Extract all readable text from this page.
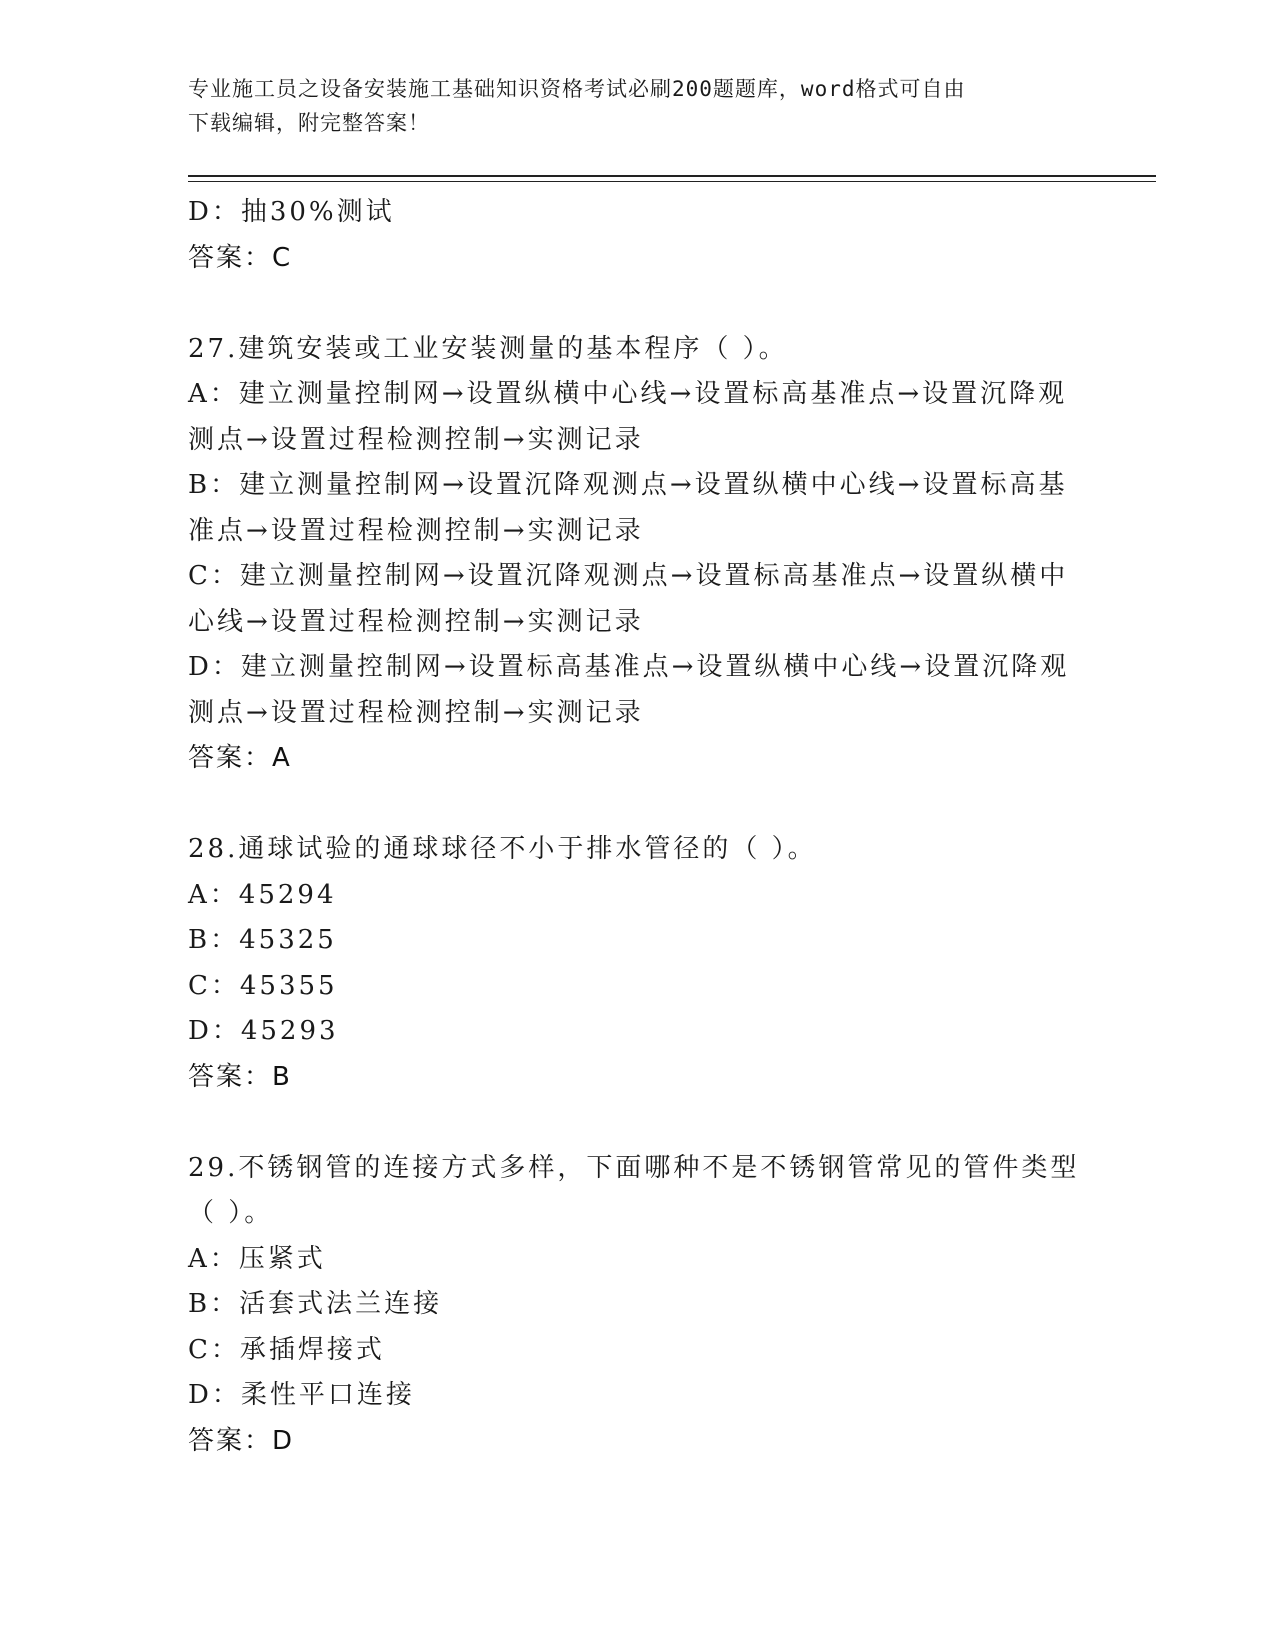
专业施工员之设备安装施工基础知识资格考试必刷200题题库，word格式可自由
下载编辑，附完整答案！
D：抽30%测试
答案：C
27.建筑安装或工业安装测量的基本程序（ ）。
A：建立测量控制网→设置纵横中心线→设置标高基准点→设置沉降观
测点→设置过程检测控制→实测记录
B：建立测量控制网→设置沉降观测点→设置纵横中心线→设置标高基
准点→设置过程检测控制→实测记录
C：建立测量控制网→设置沉降观测点→设置标高基准点→设置纵横中
心线→设置过程检测控制→实测记录
D：建立测量控制网→设置标高基准点→设置纵横中心线→设置沉降观
测点→设置过程检测控制→实测记录
答案：A
28.通球试验的通球球径不小于排水管径的（ ）。
A：45294
B：45325
C：45355
D：45293
答案：B
29.不锈钢管的连接方式多样，下面哪种不是不锈钢管常见的管件类型
（ ）。
A：压紧式
B：活套式法兰连接
C：承插焊接式
D：柔性平口连接
答案：D
